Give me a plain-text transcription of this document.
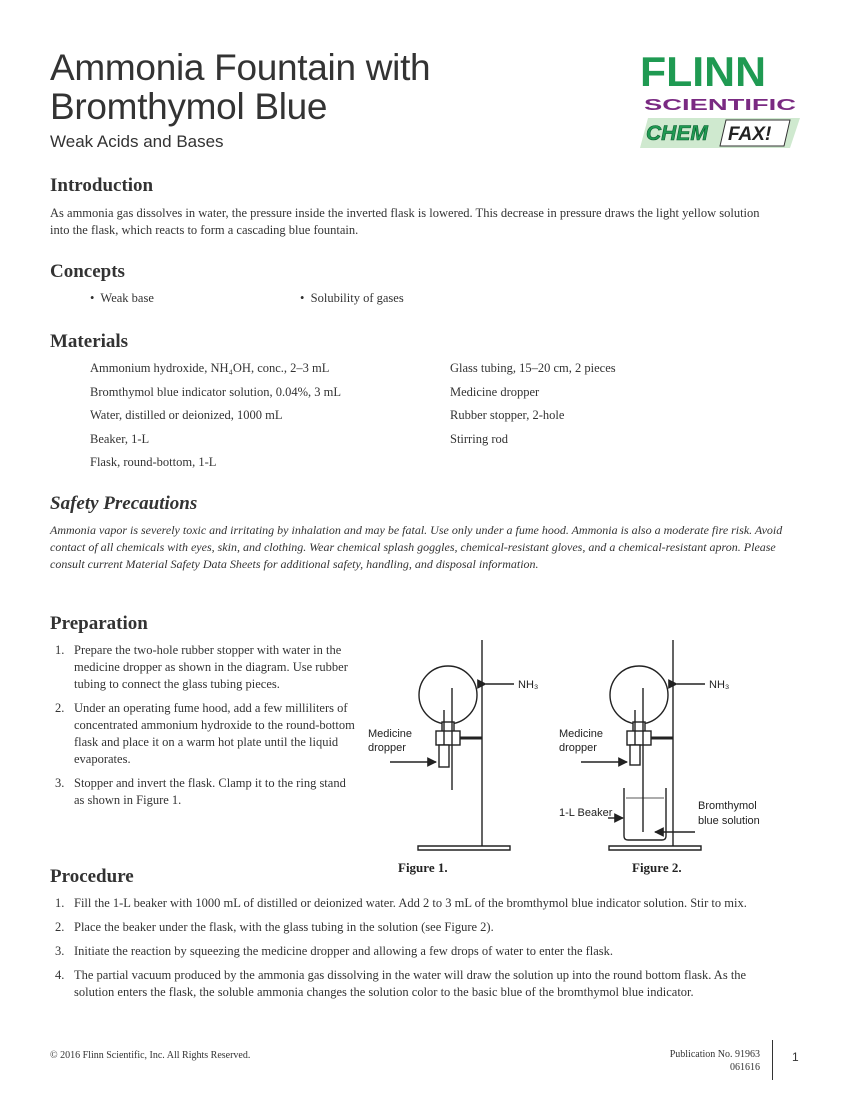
Ammonia Fountain with
Bromthymol Blue
Weak Acids and Bases
FLINN
SCIENTIFIC
CHEM FAX!
Introduction
As ammonia gas dissolves in water, the pressure inside the inverted flask is lowered. This decrease in pressure draws the light yellow solution into the flask, which reacts to form a cascading blue fountain.
Concepts
•  Weak base	•  Solubility of gases
Materials
Ammonium hydroxide, NH₄OH, conc., 2–3 mL
Bromthymol blue indicator solution, 0.04%, 3 mL
Water, distilled or deionized, 1000 mL
Beaker, 1-L
Flask, round-bottom, 1-L
Glass tubing, 15–20 cm, 2 pieces
Medicine dropper
Rubber stopper, 2-hole
Stirring rod
Safety Precautions
Ammonia vapor is severely toxic and irritating by inhalation and may be fatal. Use only under a fume hood. Ammonia is also a moderate fire risk. Avoid contact of all chemicals with eyes, skin, and clothing. Wear chemical splash goggles, chemical-resistant gloves, and a chemical-resistant apron. Please consult current Material Safety Data Sheets for additional safety, handling, and disposal information.
Preparation
1. Prepare the two-hole rubber stopper with water in the medicine dropper as shown in the diagram. Use rubber tubing to connect the glass tubing pieces.
2. Under an operating fume hood, add a few milliliters of concentrated ammonium hydroxide to the round-bottom flask and place it on a warm hot plate until the liquid evaporates.
3. Stopper and invert the flask. Clamp it to the ring stand as shown in Figure 1.
NH₃
Medicine
dropper
Figure 1.
NH₃
Medicine
dropper
1-L Beaker
Bromthymol
blue solution
Figure 2.
Procedure
1. Fill the 1-L beaker with 1000 mL of distilled or deionized water. Add 2 to 3 mL of the bromthymol blue indicator solution. Stir to mix.
2. Place the beaker under the flask, with the glass tubing in the solution (see Figure 2).
3. Initiate the reaction by squeezing the medicine dropper and allowing a few drops of water to enter the flask.
4. The partial vacuum produced by the ammonia gas dissolving in the water will draw the solution up into the round bottom flask. As the solution enters the flask, the soluble ammonia changes the solution color to the basic blue of the bromthymol blue indicator.
© 2016 Flinn Scientific, Inc. All Rights Reserved.	Publication No. 91963
061616
1
